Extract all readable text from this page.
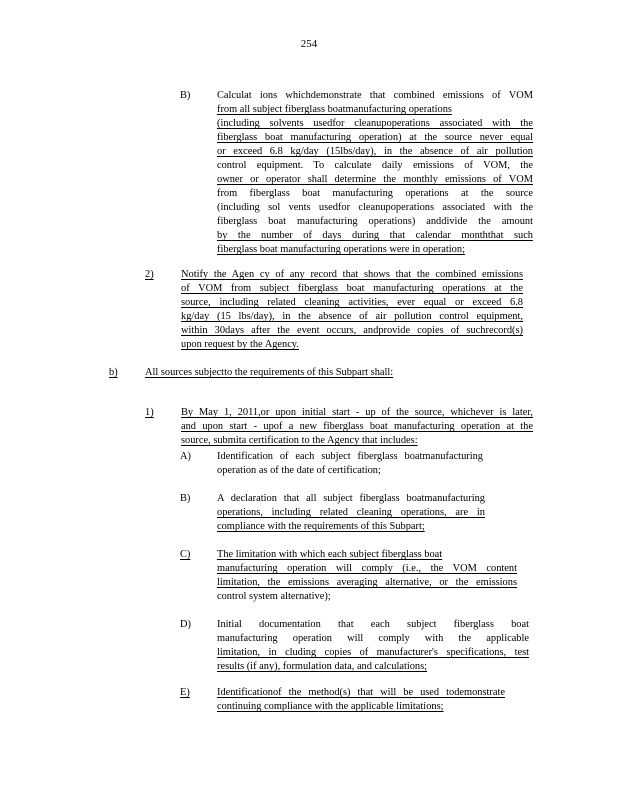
254
B)	Calculat ions whichdemonstrate that combined emissions of VOM
from all subject fiberglass boatmanufacturing operations
(including solvents usedfor cleanupoperations associated with the
fiberglass boat manufacturing operation) at the source never equal
or exceed 6.8 kg/day (15lbs/day), in the absence of air pollution
control equipment. To calculate daily emissions of VOM, the
owner or operator shall determine the monthly emissions of VOM
from fiberglass boat manufacturing operations at the source
(including sol vents usedfor cleanupoperations associated with the
fiberglass boat manufacturing operations) anddivide the amount
by the number of days during that calendar monththat such
fiberglass boat manufacturing operations were in operation;
2)	Notify the Agen cy of any record that shows that the combined emissions
of VOM from subject fiberglass boat manufacturing operations at the
source, including related cleaning activities, ever equal or exceed 6.8
kg/day (15 lbs/day), in the absence of air pollution control equipment,
within 30days after the event occurs, andprovide copies of suchrecord(s)
upon request by the Agency.
b)	All sources subjectto the requirements of this Subpart shall:
1)	By May 1, 2011,or upon initial start - up of the source, whichever is later,
and upon start - upof a new fiberglass boat manufacturing operation at the
source, submita certification to the Agency that includes:
A)	Identification of each subject fiberglass boatmanufacturing
operation as of the date of certification;
B)	A declaration that all subject fiberglass boatmanufacturing
operations, including related cleaning operations, are in
compliance with the requirements of this Subpart;
C)	The limitation with which each subject fiberglass boat
manufacturing operation will comply (i.e., the VOM content
limitation, the emissions averaging alternative, or the emissions
control system alternative);
D)	Initial documentation that each subject fiberglass boat
manufacturing operation will comply with the applicable
limitation, in cluding copies of manufacturer's specifications, test
results (if any), formulation data, and calculations;
E)	Identificationof the method(s) that will be used todemonstrate
continuing compliance with the applicable limitations;
